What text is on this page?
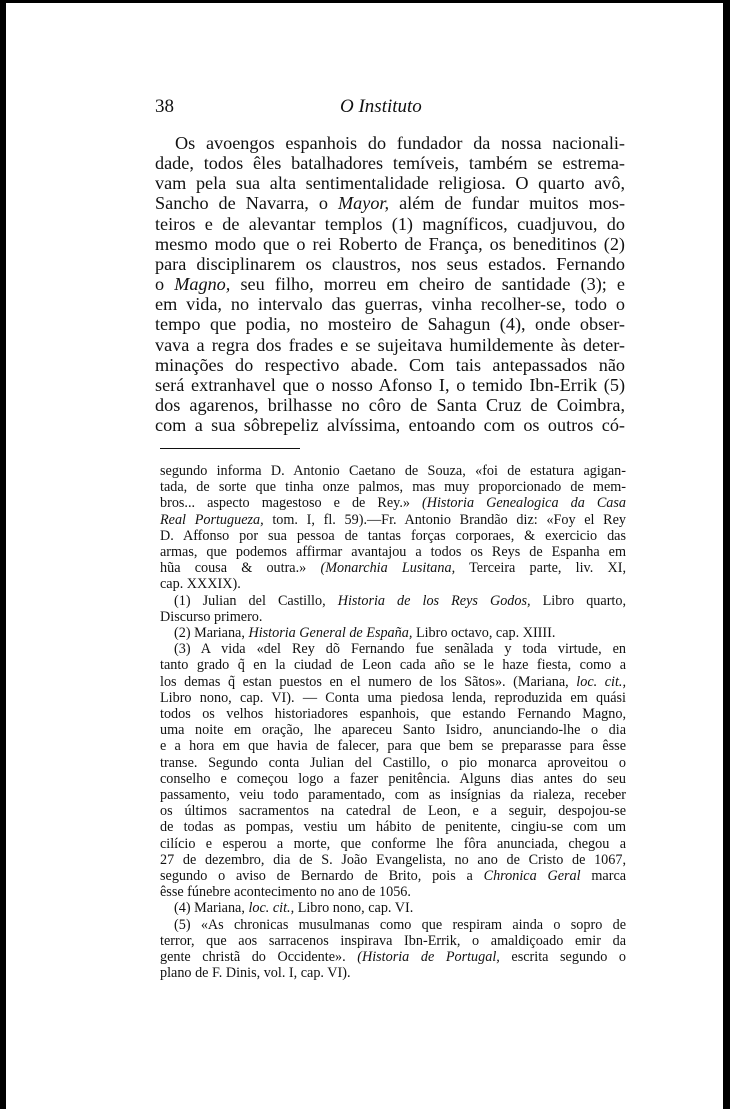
38	O Instituto
Os avoengos espanhois do fundador da nossa nacionali-
dade, todos êles batalhadores temíveis, também se estrema-
vam pela sua alta sentimentalidade religiosa. O quarto avô,
Sancho de Navarra, o Mayor, além de fundar muitos mos-
teiros e de alevantar templos (1) magníficos, cuadjuvou, do
mesmo modo que o rei Roberto de França, os beneditinos (2)
para disciplinarem os claustros, nos seus estados. Fernando
o Magno, seu filho, morreu em cheiro de santidade (3); e
em vida, no intervalo das guerras, vinha recolher-se, todo o
tempo que podia, no mosteiro de Sahagun (4), onde obser-
vava a regra dos frades e se sujeitava humildemente às deter-
minações do respectivo abade. Com tais antepassados não
será extranhavel que o nosso Afonso I, o temido Ibn-Errik (5)
dos agarenos, brilhasse no côro de Santa Cruz de Coimbra,
com a sua sôbrepeliz alvíssima, entoando com os outros có-
segundo informa D. Antonio Caetano de Souza, «foi de estatura agigan-
tada, de sorte que tinha onze palmos, mas muy proporcionado de mem-
bros... aspecto magestoso e de Rey.» (Historia Genealogica da Casa
Real Portugueza, tom. I, fl. 59).—Fr. Antonio Brandão diz: «Foy el Rey
D. Affonso por sua pessoa de tantas forças corporaes, & exercicio das
armas, que podemos affirmar avantajou a todos os Reys de Espanha em
hũa cousa & outra.» (Monarchia Lusitana, Terceira parte, liv. XI,
cap. XXXIX).
(1) Julian del Castillo, Historia de los Reys Godos, Libro quarto,
Discurso primero.
(2) Mariana, Historia General de España, Libro octavo, cap. XIIII.
(3) A vida «del Rey dõ Fernando fue senãlada y toda virtude, en
tanto grado q̃ en la ciudad de Leon cada año se le haze fiesta, como a
los demas q̃ estan puestos en el numero de los Sãtos». (Mariana, loc. cit.,
Libro nono, cap. VI). — Conta uma piedosa lenda, reproduzida em quási
todos os velhos historiadores espanhois, que estando Fernando Magno,
uma noite em oração, lhe apareceu Santo Isidro, anunciando-lhe o dia
e a hora em que havia de falecer, para que bem se preparasse para êsse
transe. Segundo conta Julian del Castillo, o pio monarca aproveitou o
conselho e começou logo a fazer penitência. Alguns dias antes do seu
passamento, veiu todo paramentado, com as insígnias da rialeza, receber
os últimos sacramentos na catedral de Leon, e a seguir, despojou-se
de todas as pompas, vestiu um hábito de penitente, cingiu-se com um
cilício e esperou a morte, que conforme lhe fôra anunciada, chegou a
27 de dezembro, dia de S. João Evangelista, no ano de Cristo de 1067,
segundo o aviso de Bernardo de Brito, pois a Chronica Geral marca
êsse fúnebre acontecimento no ano de 1056.
(4) Mariana, loc. cit., Libro nono, cap. VI.
(5) «As chronicas musulmanas como que respiram ainda o sopro de
terror, que aos sarracenos inspirava Ibn-Errik, o amaldiçoado emir da
gente christã do Occidente». (Historia de Portugal, escrita segundo o
plano de F. Dinis, vol. I, cap. VI).
